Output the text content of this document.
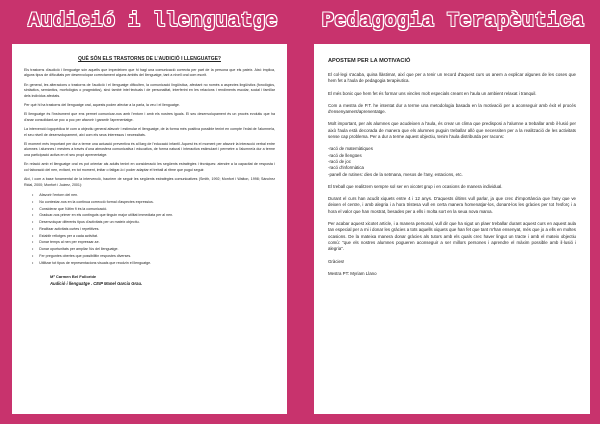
Audició i llenguatge Pedagogia Terapèutica
QUÈ SÓN ELS TRASTORNS DE L'AUDICIÓ I LLENGUATGE?

Els trastorns d'audició i llenguatge són aquells que impedeixen que hi hagi una comunicació correcta per part de la persona que els pateix. Això implica, alguns tipus de dificultats per desenvolupar correctament alguns àmbits del llenguatge, tant a nivell oral com escrit.

En general, les alteracions o trastorns de l'audició i el llenguatge dificulten, la comunicació lingüística, afectant no només a aspectes lingüístics (fonològics, sintàctics, semàntics, morfològics o pragmàtics), sinó també intel·lectuals i de personalitat, interferint en les relacions i rendiments escolar, social i familiar dels individus afectats.

Per què hi ha trastorns del llenguatge oral, aquests poden afectar a la parla, la veu i el llenguatge.

El llenguatge és l'instrument que ens permet comunicar-nos amb l'entorn i amb els nostres iguals. El seu desenvolupament és un procés evolutiu que ha d'anar consolidant-se poc a poc per afavorir i garantir l'aprenentatge.

La intervenció logopèdica té com a objectiu general afavorir i estimular el llenguatge, de la forma més positiva possible tenint en compte l'edat de l'alumne/a, el seu nivell de desenvolupament, així com els seus interessos i necessitats.

El moment més important per dur a terme una actuació preventiva és al llarg de l'educació infantil. Aquest és el moment per afavorir la interacció verbal entre alumnes i alumnes i mestres a través d'una atmosfera comunicativa i educativa, de forma natural i interactiva estimulant i permetre a l'alumne/a dur a terme una participació activa en el seu propi aprenentatge.

En relació amb el llenguatge oral es pot orientar als adults tenint en consideració les següents estratègies i tècniques: atendre a la capacitat de resposta i col·laboració del nen, evitant, en tot moment, imitar o fatigar-lo i poder adaptar el treball al ritme que pugui seguir.

Així, i com a base fonamental de la intervenció, hauríem de seguir les següents estratègies comunicatives (Smith, 1992; Monfort i Walton, 1998; Sánchez Ridal, 2000; Monfort i Juárez, 2001):

• Afavorir l'entorn del nen.
• No contestar-nos en la continua correcció formal d'aspectes expressius.
• Considerar que l'últim fi és la comunicació.
• Graduar-nos primer en els continguts que tinguin major utilitat immediata per al nen.
• Desenvolupar diferents tipus d'activitats per un mateix objectiu.
• Realitzar activitats curtes i repetitives.
• Establir rellotges per a cada activitat.
• Donar temps al nen per expressar-se.
• Donar oportunitats per ampliar l'ús del llenguatge.
• Fer preguntes obertes que possibilitin respostes diverses.
• Utilitzar tot tipus de representacions visuals que recolzin el llenguatge.
Mª Carmen Bel Folloride
Audició i llenguatge . CEIP Manel Garcia Grau.
APOSTEM PER LA MOTIVACIÓ

El col·legi s'acaba, quina llàstima!, així que per a tenir un record d'aquest curs us anem a explicar algunes de les coses que hem fet a l'aula de pedagogia terapèutica.

El més bonic que hem fet és formar uns vincles molt especials creant en l'aula un ambient relaxat i tranquil.

Com a mestra de P.T. he intentat dur a terme una metodologia basada en la motivació per a aconseguir amb èxit el procés d'ensenyament/aprenentatge.

Molt important, per als alumnes que acudeixen a l'aula, és crear un clima que predisposi a l'alumne a treballar amb il·lusió per això l'aula està decorada de manera que els alumnes puguin treballar allò que necessiten per a la realització de les activitats sense cap problema. Per a dur a terme aquest objectiu, tenim l'aula distribuïda per racons:

-racó de matemàtiques
-racó de llengües
-racó de joc
-racó d'informàtica
-panell de rutines: dies de la setmana, mesos de l'any, estacions, etc.

El treball que realitzem sempre sol ser en xicotet grup i en ocasions de manera individual.

Durant el curs han acudit xiquets entre 4 i 12 anys. D'aquests últims vull parlar, ja que crec d'importància que l'any que ve deixen el centre, i amb alegria i a hora tristesa vull en certa manera homenatjar-los, donant-los les gràcies per tot l'esforç i a hora el valor que han mostrat, besades per a ells i molta sort en la seua nova marxa.

Per acabar aquest xicotet article, i a manera personal, vull dir que ha sigut un plaer treballar durant aquest curs en aquest aula tan especial per a mi i donar les gràcies a tots aquells xiquets que han fet que tant m'han ensenyat, més que jo a ells en moltes ocasions. De la mateixa manera donar gràcies als tutors amb els quals crec haver lingut un tracte i amb el mateix objectiu comú: "que els nostres alumnes pogueren aconseguir a ser millors persones i aprendre el màxim possible amb il·lusió i alegria".

Gràcies!
Mestra PT: Myriam Llano
